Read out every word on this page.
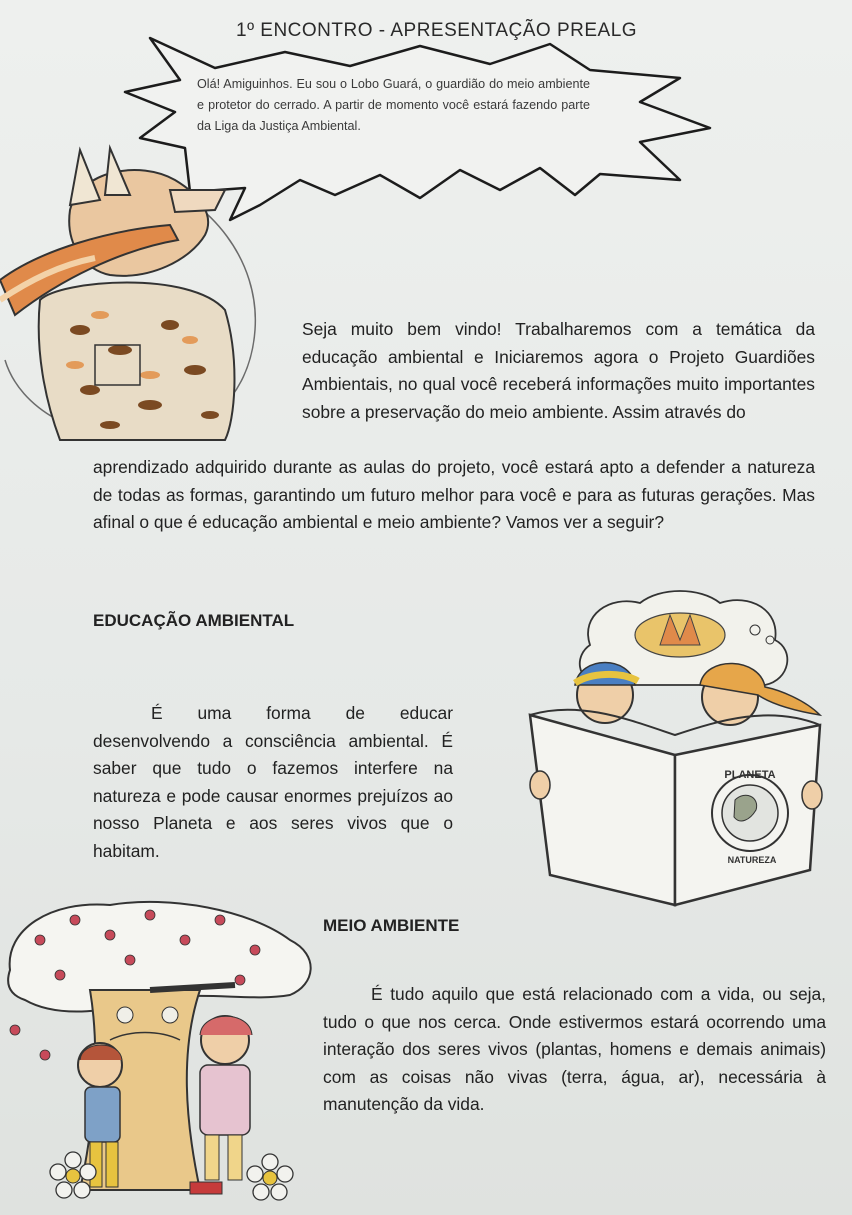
1º ENCONTRO - APRESENTAÇÃO PREALG
Olá! Amiguinhos. Eu sou o Lobo Guará, o guardião do meio ambiente e protetor do cerrado. A partir de momento você estará fazendo parte da Liga da Justiça Ambiental.
Seja muito bem vindo! Trabalharemos com a temática da educação ambiental e Iniciaremos agora o Projeto Guardiões Ambientais, no qual você receberá informações muito importantes sobre a preservação do meio ambiente. Assim através do
aprendizado adquirido durante as aulas do projeto, você estará apto a defender a natureza de todas as formas, garantindo um futuro melhor para você e para as futuras gerações. Mas afinal o que é educação ambiental e meio ambiente? Vamos ver a seguir?
EDUCAÇÃO AMBIENTAL
É uma forma de educar desenvolvendo a consciência ambiental. É saber que tudo o fazemos interfere na natureza e pode causar enormes prejuízos ao nosso Planeta e aos seres vivos que o habitam.
PLANETA
NATUREZA
MEIO AMBIENTE
É tudo aquilo que está relacionado com a vida, ou seja, tudo o que nos cerca. Onde estivermos estará ocorrendo uma interação dos seres vivos (plantas, homens e demais animais) com as coisas não vivas (terra, água, ar), necessária à manutenção da vida.
